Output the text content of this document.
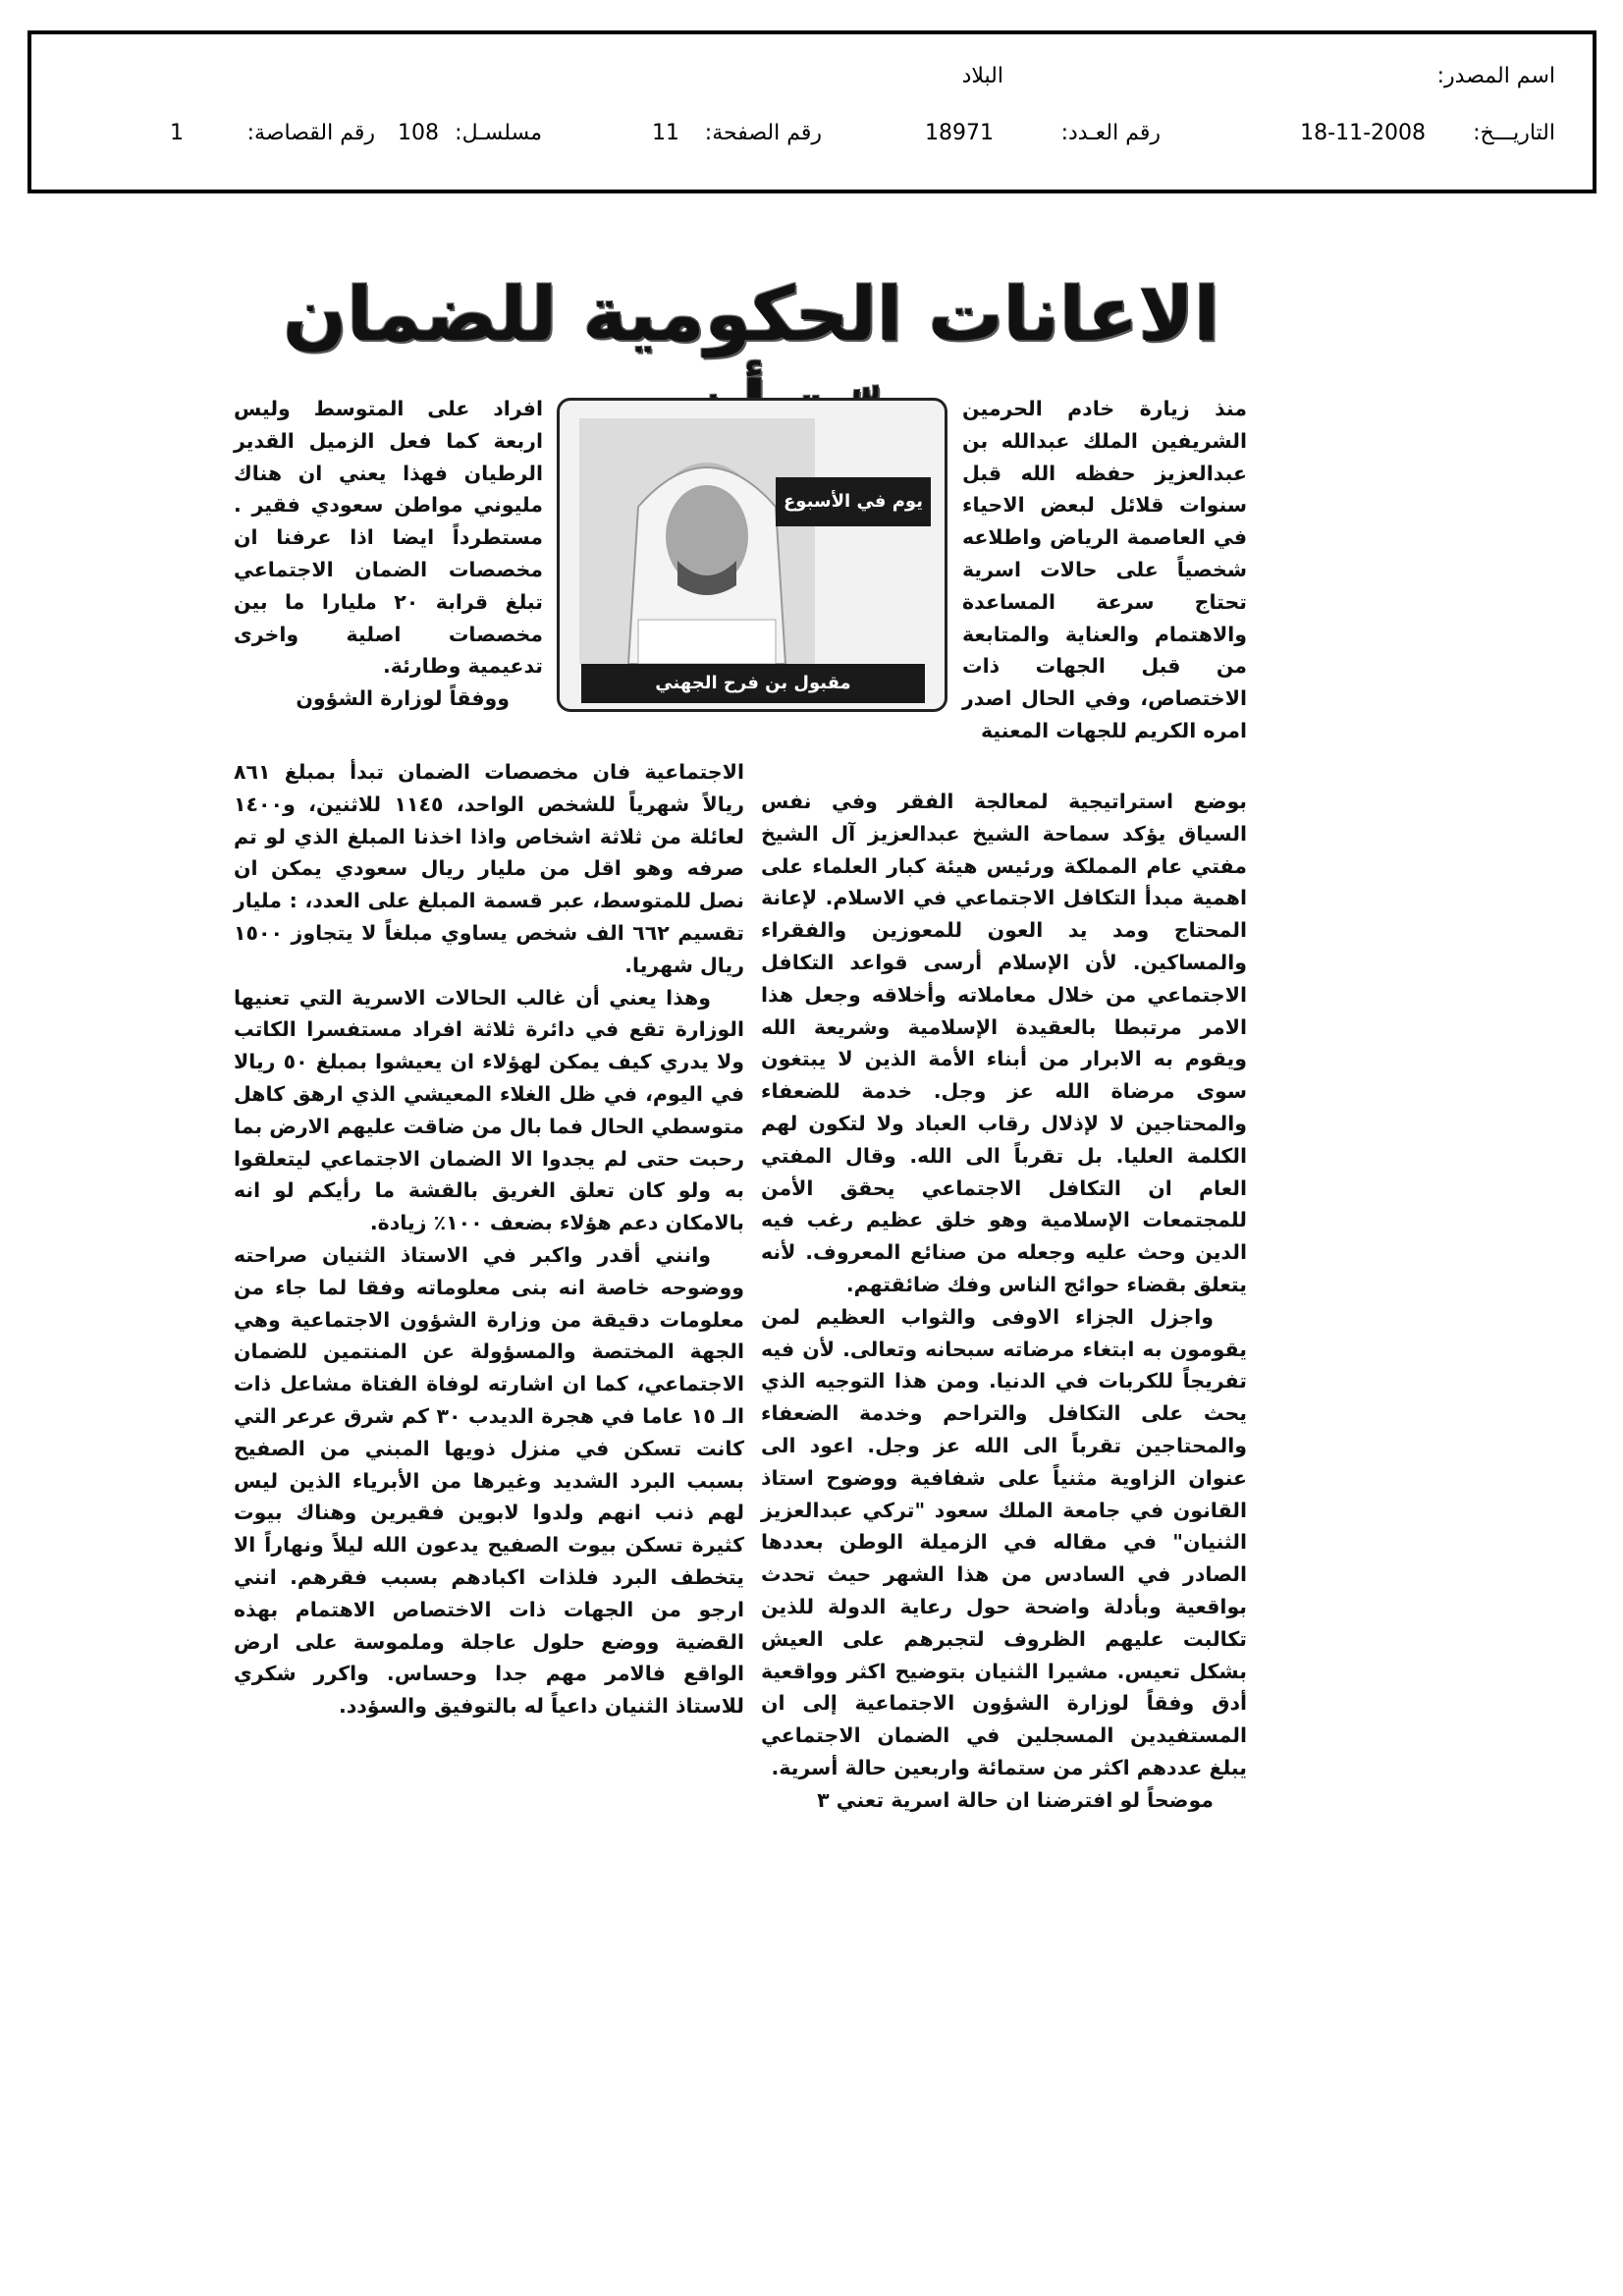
اسم المصدر:
البلاد
التاريـــخ:
18-11-2008
رقم العـدد:
18971
رقم الصفحة:
11
مسلسـل:
108
رقم القصاصة:
1
الاعانات الحكومية للضمان
يوم في الأسبوع
مقبول بن فرح الجهني

منذ زيارة خادم الحرمين الشريفين الملك عبدالله بن عبدالعزيز حفظه الله قبل سنوات قلائل لبعض الاحياء في العاصمة الرياض واطلاعه شخصياً على حالات اسرية تحتاج سرعة المساعدة والاهتمام والعناية والمتابعة من قبل الجهات ذات الاختصاص، وفي الحال اصدر امره الكريم للجهات المعنية

بوضع استراتيجية لمعالجة الفقر وفي نفس السياق يؤكد سماحة الشيخ عبدالعزيز آل الشيخ مفتي عام المملكة ورئيس هيئة كبار العلماء على اهمية مبدأ التكافل الاجتماعي في الاسلام. لإعانة المحتاج ومد يد العون للمعوزين والفقراء والمساكين. لأن الإسلام أرسى قواعد التكافل الاجتماعي من خلال معاملاته وأخلاقه وجعل هذا الامر مرتبطا بالعقيدة الإسلامية وشريعة الله ويقوم به الابرار من أبناء الأمة الذين لا يبتغون سوى مرضاة الله عز وجل. خدمة للضعفاء والمحتاجين لا لإذلال رقاب العباد ولا لتكون لهم الكلمة العليا. بل تقرباً الى الله. وقال المفتي العام ان التكافل الاجتماعي يحقق الأمن للمجتمعات الإسلامية وهو خلق عظيم رغب فيه الدين وحث عليه وجعله من صنائع المعروف. لأنه يتعلق بقضاء حوائج الناس وفك ضائقتهم.

واجزل الجزاء الاوفى والثواب العظيم لمن يقومون به ابتغاء مرضاته سبحانه وتعالى. لأن فيه تفريجاً للكربات في الدنيا. ومن هذا التوجيه الذي يحث على التكافل والتراحم وخدمة الضعفاء والمحتاجين تقرباً الى الله عز وجل. اعود الى عنوان الزاوية مثنياً على شفافية ووضوح استاذ القانون في جامعة الملك سعود "تركي عبدالعزيز الثنيان" في مقاله في الزميلة الوطن بعددها الصادر في السادس من هذا الشهر حيث تحدث بواقعية وبأدلة واضحة حول رعاية الدولة للذين تكالبت عليهم الظروف لتجبرهم على العيش بشكل تعيس. مشيرا الثنيان بتوضيح اكثر وواقعية أدق وفقاً لوزارة الشؤون الاجتماعية إلى ان المستفيدين المسجلين في الضمان الاجتماعي يبلغ عددهم اكثر من ستمائة واربعين حالة أسرية.

موضحاً لو افترضنا ان حالة اسرية تعني ٣

افراد على المتوسط وليس اربعة كما فعل الزميل القدير الرطيان فهذا يعني ان هناك مليوني مواطن سعودي فقير . مستطرداً ايضا اذا عرفنا ان مخصصات الضمان الاجتماعي تبلغ قرابة ٢٠ مليارا ما بين مخصصات اصلية واخرى تدعيمية وطارئة.

ووفقاً لوزارة الشؤون

الاجتماعية فان مخصصات الضمان تبدأ بمبلغ ٨٦١ ريالاً شهرياً للشخص الواحد، ١١٤٥ للاثنين، و١٤٠٠ لعائلة من ثلاثة اشخاص واذا اخذنا المبلغ الذي لو تم صرفه وهو اقل من مليار ريال سعودي يمكن ان نصل للمتوسط، عبر قسمة المبلغ على العدد، : مليار تقسيم ٦٦٢ الف شخص يساوي مبلغاً لا يتجاوز ١٥٠٠ ريال شهريا.

وهذا يعني أن غالب الحالات الاسرية التي تعنيها الوزارة تقع في دائرة ثلاثة افراد مستفسرا الكاتب ولا يدري كيف يمكن لهؤلاء ان يعيشوا بمبلغ ٥٠ ريالا في اليوم، في ظل الغلاء المعيشي الذي ارهق كاهل متوسطي الحال فما بال من ضاقت عليهم الارض بما رحبت حتى لم يجدوا الا الضمان الاجتماعي ليتعلقوا به ولو كان تعلق الغريق بالقشة ما رأيكم لو انه بالامكان دعم هؤلاء بضعف ١٠٠٪ زيادة.

وانني أقدر واكبر في الاستاذ الثنيان صراحته ووضوحه خاصة انه بنى معلوماته وفقا لما جاء من معلومات دقيقة من وزارة الشؤون الاجتماعية وهي الجهة المختصة والمسؤولة عن المنتمين للضمان الاجتماعي، كما ان اشارته لوفاة الفتاة مشاعل ذات الـ ١٥ عاما في هجرة الديدب ٣٠ كم شرق عرعر التي كانت تسكن في منزل ذويها المبني من الصفيح بسبب البرد الشديد وغيرها من الأبرياء الذين ليس لهم ذنب انهم ولدوا لابوين فقيرين وهناك بيوت كثيرة تسكن بيوت الصفيح يدعون الله ليلاً ونهاراً الا يتخطف البرد فلذات اكبادهم بسبب فقرهم. انني ارجو من الجهات ذات الاختصاص الاهتمام بهذه القضية ووضع حلول عاجلة وملموسة على ارض الواقع فالامر مهم جدا وحساس. واكرر شكري للاستاذ الثنيان داعياً له بالتوفيق والسؤدد.
